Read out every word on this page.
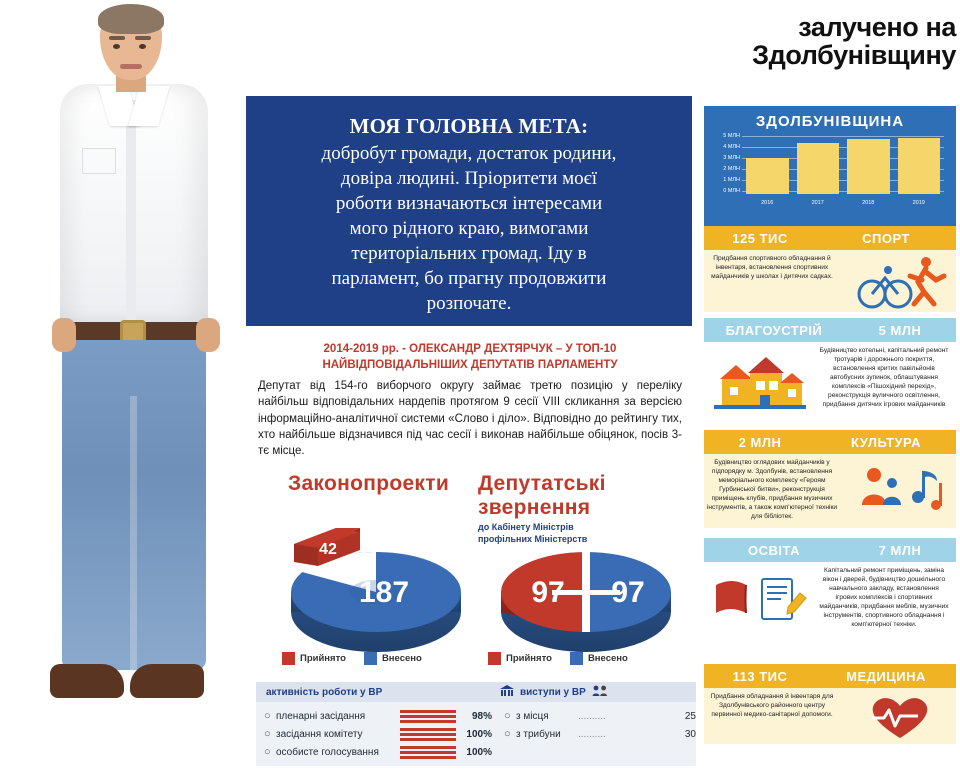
МОЯ ГОЛОВНА МЕТА:
добробут громади, достаток родини,
довіра людині. Пріоритети моєї
роботи визначаються інтересами
мого рідного краю, вимогами
територіальних громад. Іду в
парламент, бо прагну продовжити
розпочате.
2014-2019 рр. - ОЛЕКСАНДР ДЕХТЯРЧУК – У ТОП-10
НАЙВІДПОВІДАЛЬНІШИХ ДЕПУТАТІВ ПАРЛАМЕНТУ
Депутат від 154-го виборчого округу займає третю позицію у переліку найбільш відповідальних нардепів протягом 9 сесії VIII скликання за версією інформаційно-аналітичної системи «Слово і діло». Відповідно до рейтингу тих, хто найбільше відзначився під час сесії і виконав найбільше обіцянок, посів 3-тє місце.
Законопроекти Депутатські звернення
42
187
до Кабінету Міністрів
профільних Міністерств
97 97
Прийнято	Внесено	Прийнято	Внесено
активність роботи у ВР	виступи у ВР
○ пленарні засідання	98%
○ засідання комітету	100%
○ особисте голосування	100%
○ з місця	..........	25
○ з трибуни	..........	30
залучено на
Здолбунівщину
ЗДОЛБУНІВЩИНА
5 МЛН
4 МЛН
3 МЛН
2 МЛН
1 МЛН
0 МЛН
2016	2017	2018	2019
125 ТИС	СПОРТ
Придбання спортивного обладнання й інвентаря, встановлення спортивних майданчиків у школах і дитячих садках.
БЛАГОУСТРІЙ	5 МЛН
Будівництво котельні, капітальний ремонт тротуарів і дорожнього покриття, встановлення критих павільйонів автобусних зупинок, облаштування комплексів «Пішохідний перехід», реконструкція вуличного освітлення, придбання дитячих ігрових майданчиків
2 МЛН	КУЛЬТУРА
Будівництво оглядових майданчиків у підпорядку м. Здолбунів, встановлення меморіального комплексу «Героям Гурбинської битви», реконструкція приміщень клубів, придбання музичних інструментів, а також комп'ютерної техніки для бібліотек.
ОСВІТА	7 МЛН
Капітальний ремонт приміщень, заміна вікон і дверей, будівництво дошкільного навчального закладу, встановлення ігрових комплексів і спортивних майданчиків, придбання меблів, музичних інструментів, спортивного обладнання і комп'ютерної техніки.
113 ТИС	МЕДИЦИНА
Придбання обладнання й інвентаря для Здолбунівського районного центру первинної медико-санітарної допомоги.
